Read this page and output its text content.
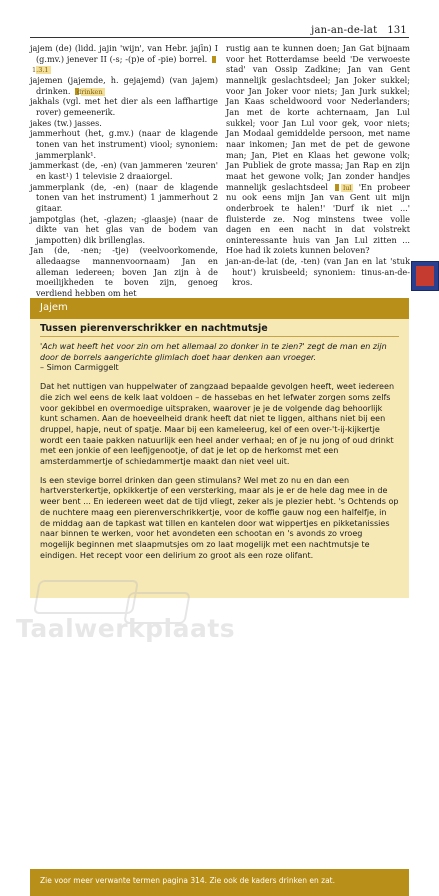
jan-an-de-lat 131

jajem (de) (lidd. jajin 'wijn', van Hebr. jajīn) I (g.mv.) jenever II (-s; -(p)e of -pie) borrel. 1.3.1

jajemen (jajemde, h. gejajemd) (van jajem) drinken. drinken

jakhals (vgl. met het dier als een laffhartige rover) gemeenerik.

jakes (tw.) jasses.

jammerhout (het, g.mv.) (naar de klagende tonen van het instrument) viool; synoniem: jammerplank¹.

jammerkast (de, -en) (van jammeren 'zeuren' en kast¹) 1 televisie 2 draaiorgel.

jammerplank (de, -en) (naar de klagende tonen van het instrument) 1 jammerhout 2 gitaar.

jampotglas (het, -glazen; -glaasje) (naar de dikte van het glas van de bodem van jampotten) dik brillenglas.

Jan (de, -nen; -tje) (veelvoorkomende, alledaagse mannenvoornaam) Jan en alleman iedereen; boven Jan zijn à de moeilijkheden te boven zijn, genoeg verdiend hebben om het

rustig aan te kunnen doen; Jan Gat bijnaam voor het Rotterdamse beeld 'De verwoeste stad' van Ossip Zadkine; Jan van Gent mannelijk geslachtsdeel; Jan Joker sukkel; voor Jan Joker voor niets; Jan Jurk sukkel; Jan Kaas scheldwoord voor Nederlanders; Jan met de korte achternaam, Jan Lul sukkel; voor Jan Lul voor gek, voor niets; Jan Modaal gemiddelde persoon, met name naar inkomen; Jan met de pet de gewone man; Jan, Piet en Klaas het gewone volk; Jan Publiek de grote massa; Jan Rap en zijn maat het gewone volk; Jan zonder handjes mannelijk geslachtsdeel lul 'En probeer nu ook eens mijn Jan van Gent uit mijn onderbroek te halen!' 'Durf ik niet ...' fluisterde ze. Nog minstens twee volle dagen en een nacht in dat volstrekt oninteressante huis van Jan Lul zitten ... Hoe had ik zoiets kunnen beloven?

jan-an-de-lat (de, -ten) (van Jan en lat 'stuk hout') kruisbeeld; synoniem: tinus-an-de-kros.

Jajem
Tussen pierenverschrikker en nachtmutsje

'Ach wat heeft het voor zin om het allemaal zo donker in te zien?' zegt de man en zijn door de borrels aangerichte glimlach doet haar denken aan vroeger.
– Simon Carmiggelt

Dat het nuttigen van huppelwater of zangzaad bepaalde gevolgen heeft, weet iedereen die zich wel eens de kelk laat voldoen – de hassebas en het lefwater zorgen soms zelfs voor gekibbel en overmoedige uitspraken, waarover je je de volgende dag behoorlijk kunt schamen. Aan de hoeveelheid drank heeft dat niet te liggen, althans niet bij een druppel, hapje, neut of spatje. Maar bij een kameleerug, kel of een over-'t-ij-kijkertje wordt een taaie pakken natuurlijk een heel ander verhaal; en of je nu jong of oud drinkt met een jonkie of een leefijgenootje, of dat je let op de herkomst met een amsterdammertje of schiedammertje maakt dan niet veel uit.

Is een stevige borrel drinken dan geen stimulans? Wel met zo nu en dan een hartversterkertje, opkikkertje of een versterking, maar als je er de hele dag mee in de weer bent ... En iedereen weet dat de tijd vliegt, zeker als je plezier hebt. 's Ochtends op de nuchtere maag een pierenverschrikkertje, voor de koffie gauw nog een halfelfje, in de middag aan de tapkast wat tillen en kantelen door wat wippertjes en pikketanissies naar binnen te werken, voor het avondeten een schootan en 's avonds zo vroeg mogelijk beginnen met slaapmutsjes om zo laat mogelijk met een nachtmutsje te eindigen. Het recept voor een delirium zo groot als een roze olifant.

Zie voor meer verwante termen pagina 314. Zie ook de kaders drinken en zat.
Taalwerkplaats
